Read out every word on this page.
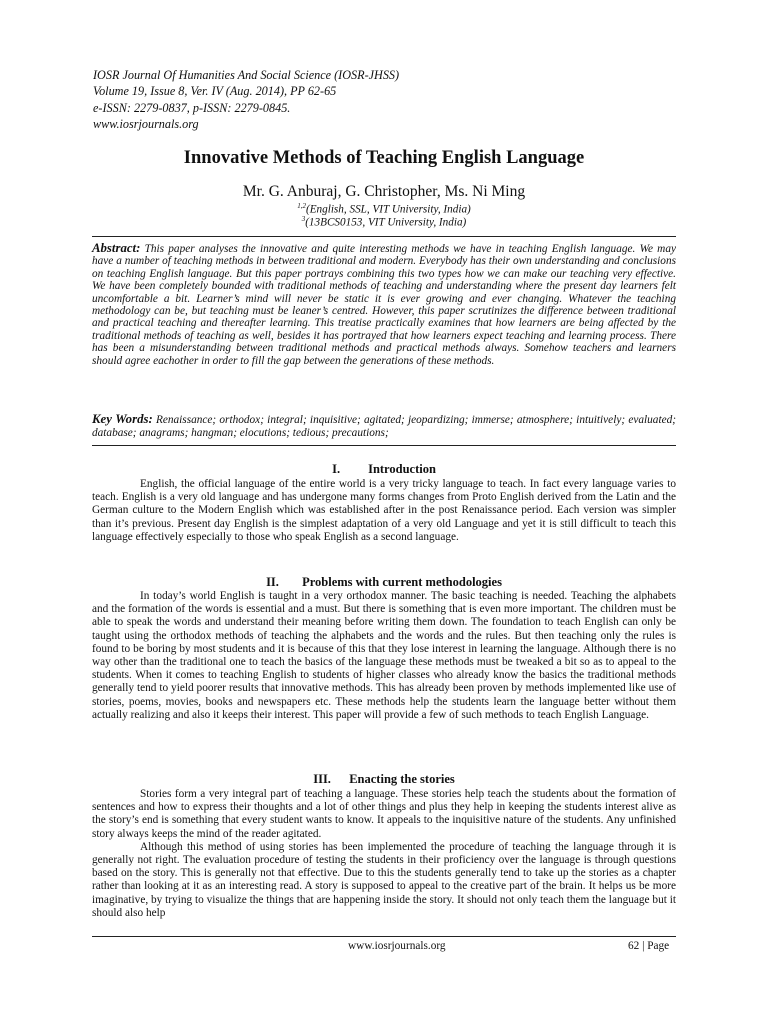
IOSR Journal Of Humanities And Social Science (IOSR-JHSS)
Volume 19, Issue 8, Ver. IV (Aug. 2014), PP 62-65
e-ISSN: 2279-0837, p-ISSN: 2279-0845.
www.iosrjournals.org
Innovative Methods of Teaching English Language
Mr. G. Anburaj, G. Christopher, Ms. Ni Ming
$^{1,2}$(English, SSL, VIT University, India)
$^3$(13BCS0153, VIT University, India)
Abstract: This paper analyses the innovative and quite interesting methods we have in teaching English language. We may have a number of teaching methods in between traditional and modern. Everybody has their own understanding and conclusions on teaching English language. But this paper portrays combining this two types how we can make our teaching very effective. We have been completely bounded with traditional methods of teaching and understanding where the present day learners felt uncomfortable a bit. Learner’s mind will never be static it is ever growing and ever changing. Whatever the teaching methodology can be, but teaching must be leaner’s centred. However, this paper scrutinizes the difference between traditional and practical teaching and thereafter learning. This treatise practically examines that how learners are being affected by the traditional methods of teaching as well, besides it has portrayed that how learners expect teaching and learning process. There has been a misunderstanding between traditional methods and practical methods always. Somehow teachers and learners should agree eachother in order to fill the gap between the generations of these methods.
Key Words: Renaissance; orthodox; integral; inquisitive; agitated; jeopardizing; immerse; atmosphere; intuitively; evaluated; database; anagrams; hangman; elocutions; tedious; precautions;
I. Introduction

English, the official language of the entire world is a very tricky language to teach. In fact every language varies to teach. English is a very old language and has undergone many forms changes from Proto English derived from the Latin and the German culture to the Modern English which was established after in the post Renaissance period. Each version was simpler than it’s previous. Present day English is the simplest adaptation of a very old Language and yet it is still difficult to teach this language effectively especially to those who speak English as a second language.

II. Problems with current methodologies

In today’s world English is taught in a very orthodox manner. The basic teaching is needed. Teaching the alphabets and the formation of the words is essential and a must. But there is something that is even more important. The children must be able to speak the words and understand their meaning before writing them down. The foundation to teach English can only be taught using the orthodox methods of teaching the alphabets and the words and the rules. But then teaching only the rules is found to be boring by most students and it is because of this that they lose interest in learning the language. Although there is no way other than the traditional one to teach the basics of the language these methods must be tweaked a bit so as to appeal to the students. When it comes to teaching English to students of higher classes who already know the basics the traditional methods generally tend to yield poorer results that innovative methods. This has already been proven by methods implemented like use of stories, poems, movies, books and newspapers etc. These methods help the students learn the language better without them actually realizing and also it keeps their interest. This paper will provide a few of such methods to teach English Language.

III. Enacting the stories

Stories form a very integral part of teaching a language. These stories help teach the students about the formation of sentences and how to express their thoughts and a lot of other things and plus they help in keeping the students interest alive as the story’s end is something that every student wants to know. It appeals to the inquisitive nature of the students. Any unfinished story always keeps the mind of the reader agitated.

Although this method of using stories has been implemented the procedure of teaching the language through it is generally not right. The evaluation procedure of testing the students in their proficiency over the language is through questions based on the story. This is generally not that effective. Due to this the students generally tend to take up the stories as a chapter rather than looking at it as an interesting read. A story is supposed to appeal to the creative part of the brain. It helps us be more imaginative, by trying to visualize the things that are happening inside the story. It should not only teach them the language but it should also help

www.iosrjournals.org	62 | Page
